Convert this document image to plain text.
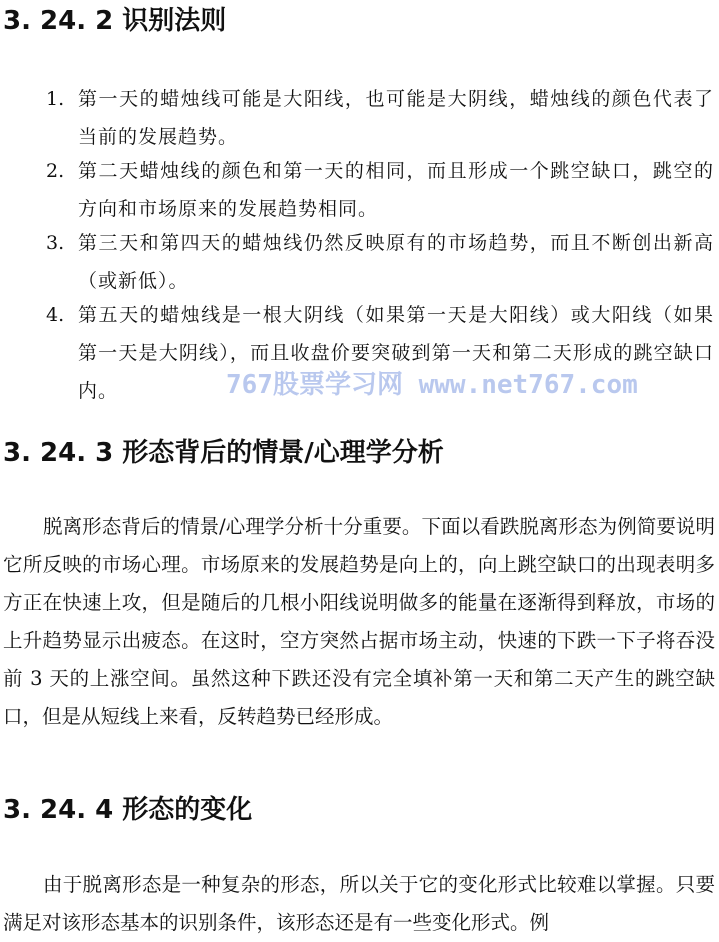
3. 24. 2 识别法则
1. 第一天的蜡烛线可能是大阳线，也可能是大阴线，蜡烛线的颜色代表了当前的发展趋势。
2. 第二天蜡烛线的颜色和第一天的相同，而且形成一个跳空缺口，跳空的方向和市场原来的发展趋势相同。
3. 第三天和第四天的蜡烛线仍然反映原有的市场趋势，而且不断创出新高（或新低）。
4. 第五天的蜡烛线是一根大阴线（如果第一天是大阳线）或大阳线（如果第一天是大阴线），而且收盘价要突破到第一天和第二天形成的跳空缺口内。	767股票学习网 www.net767.com
3. 24. 3 形态背后的情景/心理学分析
脱离形态背后的情景/心理学分析十分重要。下面以看跌脱离形态为例简要说明它所反映的市场心理。市场原来的发展趋势是向上的，向上跳空缺口的出现表明多方正在快速上攻，但是随后的几根小阳线说明做多的能量在逐渐得到释放，市场的上升趋势显示出疲态。在这时，空方突然占据市场主动，快速的下跌一下子将吞没前 3 天的上涨空间。虽然这种下跌还没有完全填补第一天和第二天产生的跳空缺口，但是从短线上来看，反转趋势已经形成。
3. 24. 4 形态的变化
由于脱离形态是一种复杂的形态，所以关于它的变化形式比较难以掌握。只要满足对该形态基本的识别条件，该形态还是有一些变化形式。例
